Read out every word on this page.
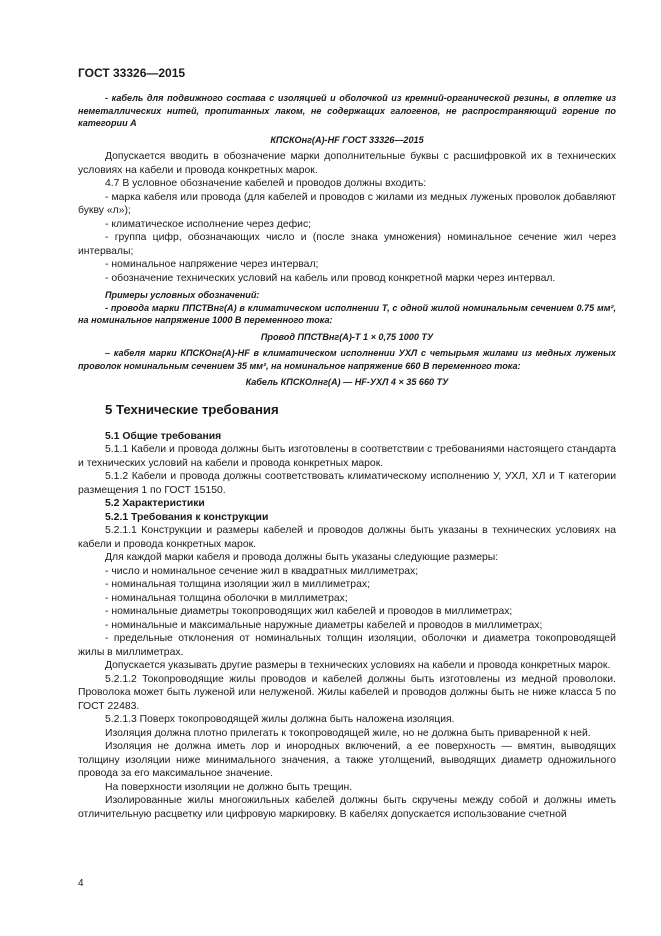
ГОСТ 33326—2015

- кабель для подвижного состава с изоляцией и оболочкой из кремний-органической резины, в оплетке из неметаллических нитей, пропитанных лаком, не содержащих галогенов, не распространяющий горение по категории А

КПСКОнг(А)-HF ГОСТ 33326—2015

Допускается вводить в обозначение марки дополнительные буквы с расшифровкой их в технических условиях на кабели и провода конкретных марок.

4.7 В условное обозначение кабелей и проводов должны входить:

- марка кабеля или провода (для кабелей и проводов с жилами из медных луженых проволок добавляют букву «л»);

- климатическое исполнение через дефис;

- группа цифр, обозначающих число и (после знака умножения) номинальное сечение жил через интервалы;

- номинальное напряжение через интервал;

- обозначение технических условий на кабель или провод конкретной марки через интервал.

Примеры условных обозначений:

- провода марки ППСТВнг(А) в климатическом исполнении Т, с одной жилой номинальным сечением 0.75 мм², на номинальное напряжение 1000 В переменного тока:

Провод ППСТВнг(А)-Т 1 × 0,75 1000 ТУ

– кабеля марки КПСКОнг(А)-HF в климатическом исполнении УХЛ с четырьмя жилами из медных луженых проволок номинальным сечением 35 мм², на номинальное напряжение 660 В переменного тока:

Кабель КПСКОлнг(А) — HF-УХЛ 4 × 35 660 ТУ

5 Технические требования

5.1 Общие требования

5.1.1 Кабели и провода должны быть изготовлены в соответствии с требованиями настоящего стандарта и технических условий на кабели и провода конкретных марок.

5.1.2 Кабели и провода должны соответствовать климатическому исполнению У, УХЛ, ХЛ и Т категории размещения 1 по ГОСТ 15150.

5.2 Характеристики

5.2.1 Требования к конструкции

5.2.1.1 Конструкции и размеры кабелей и проводов должны быть указаны в технических условиях на кабели и провода конкретных марок.

Для каждой марки кабеля и провода должны быть указаны следующие размеры:

- число и номинальное сечение жил в квадратных миллиметрах;

- номинальная толщина изоляции жил в миллиметрах;

- номинальная толщина оболочки в миллиметрах;

- номинальные диаметры токопроводящих жил кабелей и проводов в миллиметрах;

- номинальные и максимальные наружные диаметры кабелей и проводов в миллиметрах;

- предельные отклонения от номинальных толщин изоляции, оболочки и диаметра токопроводящей жилы в миллиметрах.

Допускается указывать другие размеры в технических условиях на кабели и провода конкретных марок.

5.2.1.2 Токопроводящие жилы проводов и кабелей должны быть изготовлены из медной проволоки. Проволока может быть луженой или нелуженой. Жилы кабелей и проводов должны быть не ниже класса 5 по ГОСТ 22483.

5.2.1.3 Поверх токопроводящей жилы должна быть наложена изоляция.

Изоляция должна плотно прилегать к токопроводящей жиле, но не должна быть приваренной к ней.

Изоляция не должна иметь лор и инородных включений, а ее поверхность — вмятин, выводящих толщину изоляции ниже минимального значения, а также утолщений, выводящих диаметр одножильного провода за его максимальное значение.

На поверхности изоляции не должно быть трещин.

Изолированные жилы многожильных кабелей должны быть скручены между собой и должны иметь отличительную расцветку или цифровую маркировку. В кабелях допускается использование счетной

4
